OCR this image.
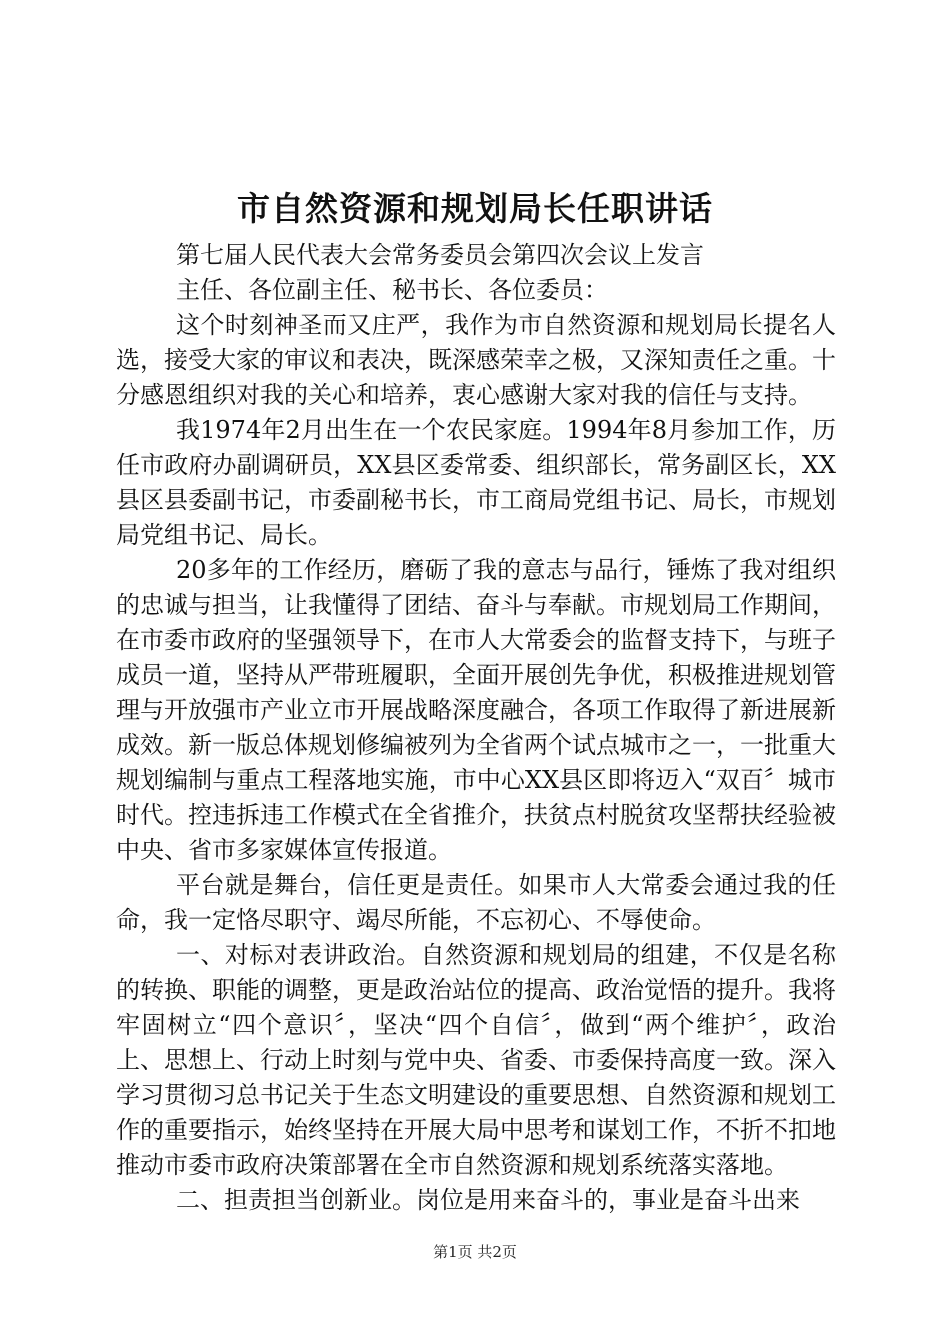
市自然资源和规划局长任职讲话

第七届人民代表大会常务委员会第四次会议上发言

主任、各位副主任、秘书长、各位委员：

这个时刻神圣而又庄严，我作为市自然资源和规划局长提名人选，接受大家的审议和表决，既深感荣幸之极，又深知责任之重。十分感恩组织对我的关心和培养，衷心感谢大家对我的信任与支持。

我1974年2月出生在一个农民家庭。1994年8月参加工作，历任市政府办副调研员，XX县区委常委、组织部长，常务副区长，XX县区县委副书记，市委副秘书长，市工商局党组书记、局长，市规划局党组书记、局长。

20多年的工作经历，磨砺了我的意志与品行，锤炼了我对组织的忠诚与担当，让我懂得了团结、奋斗与奉献。市规划局工作期间，在市委市政府的坚强领导下，在市人大常委会的监督支持下，与班子成员一道，坚持从严带班履职，全面开展创先争优，积极推进规划管理与开放强市产业立市开展战略深度融合，各项工作取得了新进展新成效。新一版总体规划修编被列为全省两个试点城市之一，一批重大规划编制与重点工程落地实施，市中心XX县区即将迈入“双百〞城市时代。控违拆违工作模式在全省推介，扶贫点村脱贫攻坚帮扶经验被中央、省市多家媒体宣传报道。

平台就是舞台，信任更是责任。如果市人大常委会通过我的任命，我一定恪尽职守、竭尽所能，不忘初心、不辱使命。

一、对标对表讲政治。自然资源和规划局的组建，不仅是名称的转换、职能的调整，更是政治站位的提高、政治觉悟的提升。我将牢固树立“四个意识〞，坚决“四个自信〞，做到“两个维护〞，政治上、思想上、行动上时刻与党中央、省委、市委保持高度一致。深入学习贯彻习总书记关于生态文明建设的重要思想、自然资源和规划工作的重要指示，始终坚持在开展大局中思考和谋划工作，不折不扣地推动市委市政府决策部署在全市自然资源和规划系统落实落地。

二、担责担当创新业。岗位是用来奋斗的，事业是奋斗出来

第1页 共2页
